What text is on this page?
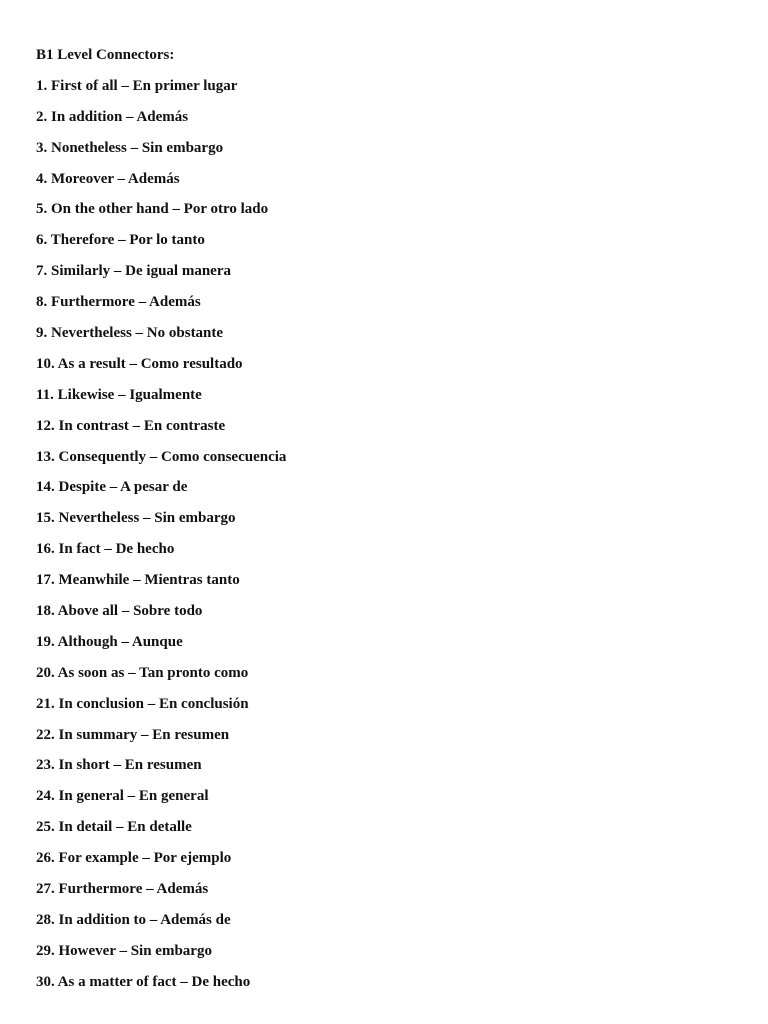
B1 Level Connectors:
1. First of all – En primer lugar
2. In addition – Además
3. Nonetheless – Sin embargo
4. Moreover – Además
5. On the other hand – Por otro lado
6. Therefore – Por lo tanto
7. Similarly – De igual manera
8. Furthermore – Además
9. Nevertheless – No obstante
10. As a result – Como resultado
11. Likewise – Igualmente
12. In contrast – En contraste
13. Consequently – Como consecuencia
14. Despite – A pesar de
15. Nevertheless – Sin embargo
16. In fact – De hecho
17. Meanwhile – Mientras tanto
18. Above all – Sobre todo
19. Although – Aunque
20. As soon as – Tan pronto como
21. In conclusion – En conclusión
22. In summary – En resumen
23. In short – En resumen
24. In general – En general
25. In detail – En detalle
26. For example – Por ejemplo
27. Furthermore – Además
28. In addition to – Además de
29. However – Sin embargo
30. As a matter of fact – De hecho
